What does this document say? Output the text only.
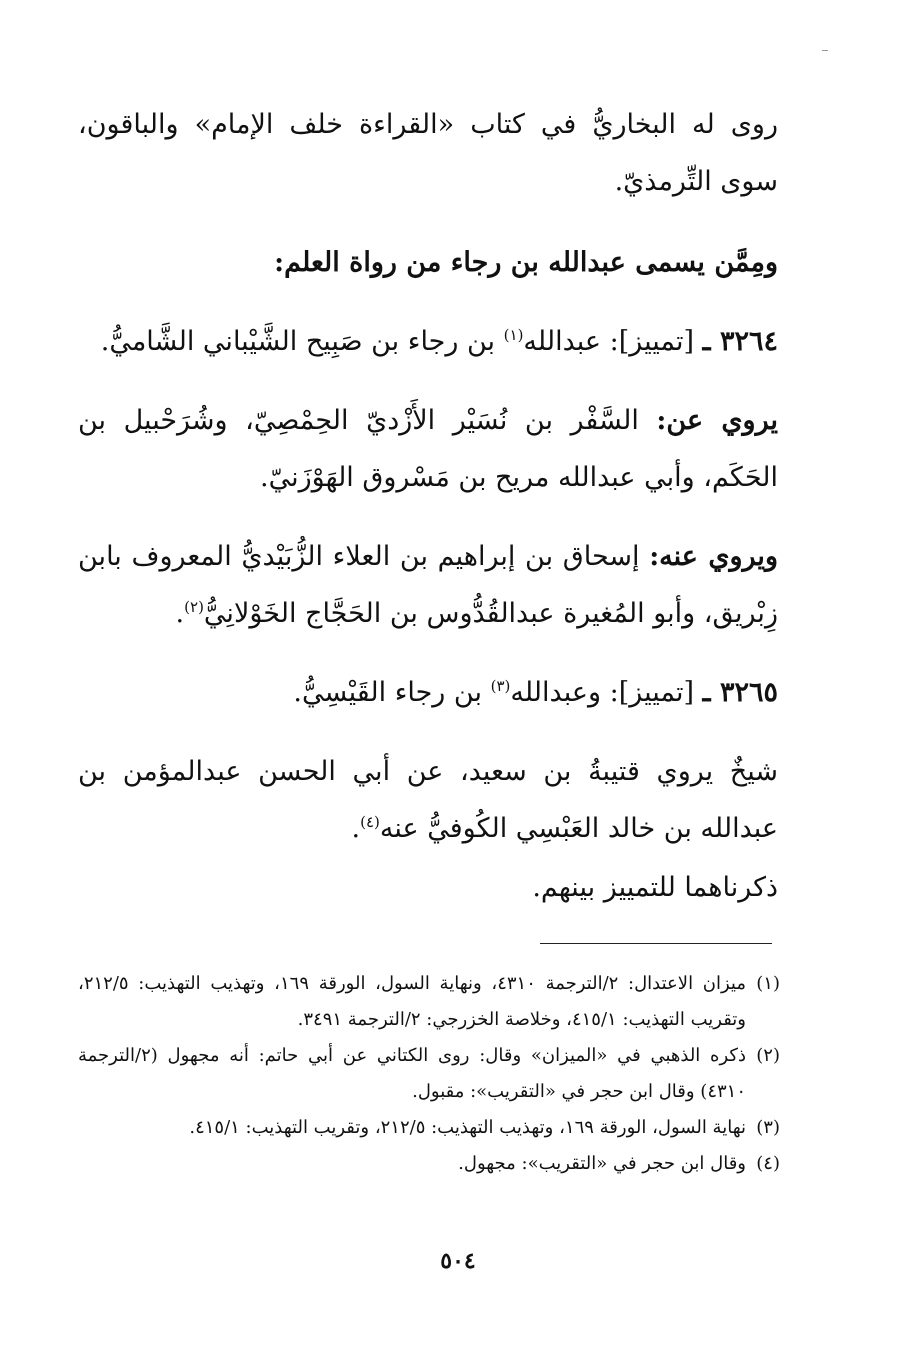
روى له البخاريُّ في كتاب «القراءة خلف الإمام» والباقون، سوى التِّرمذيّ.

ومِمَّن يسمى عبدالله بن رجاء من رواة العلم:

٣٢٦٤ ـ [تمييز]: عبدالله$^{(١)}$ بن رجاء بن صَبِيح الشَّيْباني الشَّاميُّ.

يروي عن: السَّفْر بن نُسَيْر الأَزْديّ الحِمْصِيّ، وشُرَحْبيل بن الحَكَم، وأبي عبدالله مريح بن مَسْروق الهَوْزَنيّ.

ويروي عنه: إسحاق بن إبراهيم بن العلاء الزُّبَيْديُّ المعروف بابن زِبْريق، وأبو المُغيرة عبدالقُدُّوس بن الحَجَّاج الخَوْلانِيُّ$^{(٢)}$.

٣٢٦٥ ـ [تمييز]: وعبدالله$^{(٣)}$ بن رجاء القَيْسِيُّ.

شيخٌ يروي قتيبةُ بن سعيد، عن أبي الحسن عبدالمؤمن بن عبدالله بن خالد العَبْسِي الكُوفيُّ عنه$^{(٤)}$.

ذكرناهما للتمييز بينهم.

(١)
ميزان الاعتدال: ٢/الترجمة ٤٣١٠، ونهاية السول، الورقة ١٦٩، وتهذيب التهذيب: ٢١٢/٥، وتقريب التهذيب: ٤١٥/١، وخلاصة الخزرجي: ٢/الترجمة ٣٤٩١.

(٢)
ذكره الذهبي في «الميزان» وقال: روى الكتاني عن أبي حاتم: أنه مجهول (٢/الترجمة ٤٣١٠) وقال ابن حجر في «التقريب»: مقبول.

(٣)
نهاية السول، الورقة ١٦٩، وتهذيب التهذيب: ٢١٢/٥، وتقريب التهذيب: ٤١٥/١.

(٤)
وقال ابن حجر في «التقريب»: مجهول.

٥٠٤
